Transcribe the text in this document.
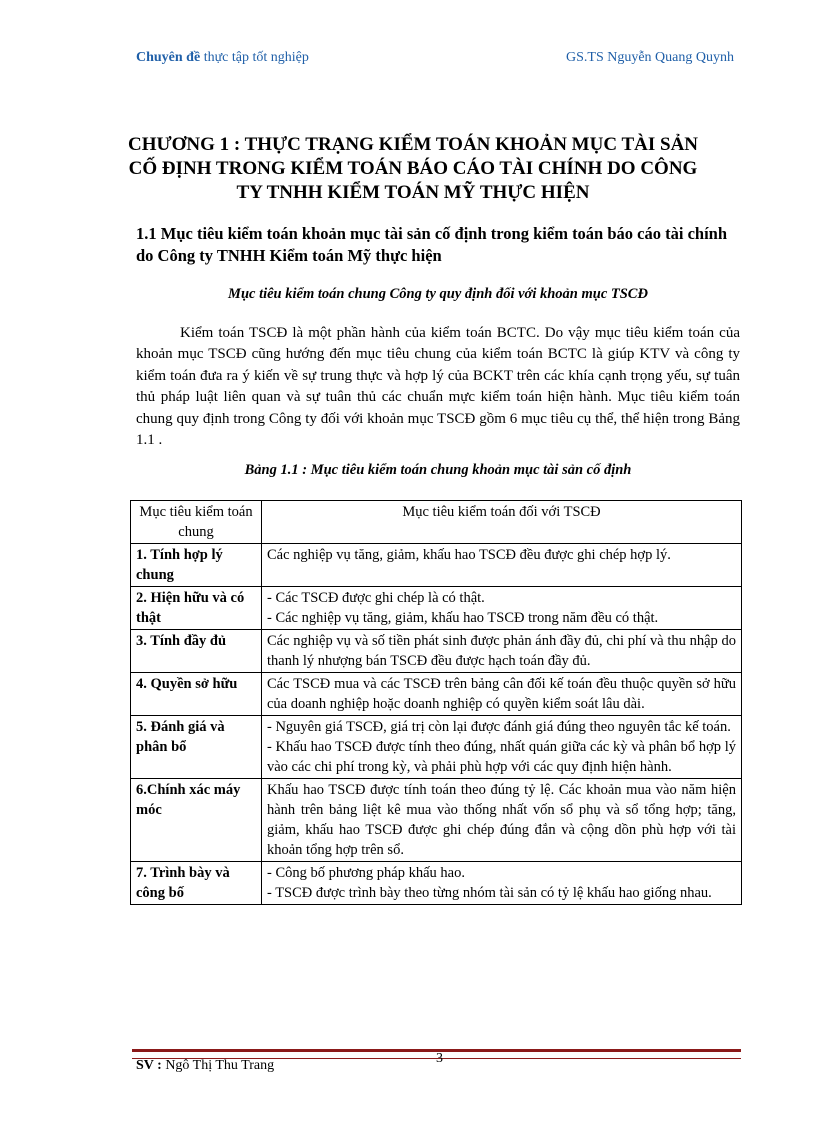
Chuyên đề thực tập tốt nghiệp	GS.TS Nguyễn Quang Quynh
CHƯƠNG 1 : THỰC TRẠNG KIỂM TOÁN KHOẢN MỤC TÀI SẢN CỐ ĐỊNH TRONG KIỂM TOÁN BÁO CÁO TÀI CHÍNH DO CÔNG TY TNHH KIỂM TOÁN MỸ THỰC HIỆN
1.1 Mục tiêu kiểm toán khoản mục tài sản cố định trong kiểm toán báo cáo tài chính do Công ty TNHH Kiểm toán Mỹ thực hiện
Mục tiêu kiểm toán chung Công ty quy định đối với khoản mục TSCĐ
Kiểm toán TSCĐ là một phần hành của kiểm toán BCTC. Do vậy mục tiêu kiểm toán của khoản mục TSCĐ cũng hướng đến mục tiêu chung của kiểm toán BCTC là giúp KTV và công ty kiểm toán đưa ra ý kiến về sự trung thực và hợp lý của BCKT trên các khía cạnh trọng yếu, sự tuân thủ pháp luật liên quan và sự tuân thủ các chuẩn mực kiểm toán hiện hành. Mục tiêu kiểm toán chung quy định trong Công ty đối với khoản mục TSCĐ gồm 6 mục tiêu cụ thể, thể hiện trong Bảng 1.1 .
Bảng 1.1 : Mục tiêu kiểm toán chung khoản mục tài sản cố định
Mục tiêu kiểm toán chung	Mục tiêu kiểm toán đối với TSCĐ
1. Tính hợp lý chung	Các nghiệp vụ tăng, giảm, khấu hao TSCĐ đều được ghi chép hợp lý.

2. Hiện hữu và có thật	- Các TSCĐ được ghi chép là có thật.
- Các nghiệp vụ tăng, giảm, khấu hao TSCĐ trong năm đều có thật.

3. Tính đầy đủ	Các nghiệp vụ và số tiền phát sinh được phản ánh đầy đủ, chi phí và thu nhập do thanh lý nhượng bán TSCĐ đều được hạch toán đầy đủ.

4. Quyền sở hữu	Các TSCĐ mua và các TSCĐ trên bảng cân đối kế toán đều thuộc quyền sở hữu của doanh nghiệp hoặc doanh nghiệp có quyền kiểm soát lâu dài.

5. Đánh giá và phân bổ	- Nguyên giá TSCĐ, giá trị còn lại được đánh giá đúng theo nguyên tắc kế toán.
- Khấu hao TSCĐ được tính theo đúng, nhất quán giữa các kỳ và phân bổ hợp lý vào các chi phí trong kỳ, và phải phù hợp với các quy định hiện hành.

6.Chính xác máy móc	Khấu hao TSCĐ được tính toán theo đúng tỷ lệ. Các khoản mua vào năm hiện hành trên bảng liệt kê mua vào thống nhất vốn sổ phụ và sổ tổng hợp; tăng, giảm, khấu hao TSCĐ được ghi chép đúng đắn và cộng dồn phù hợp với tài khoản tổng hợp trên sổ.

7. Trình bày và công bố	- Công bố phương pháp khấu hao.
- TSCĐ được trình bày theo từng nhóm tài sản có tỷ lệ khấu hao giống nhau.
3
SV : Ngô Thị Thu Trang
